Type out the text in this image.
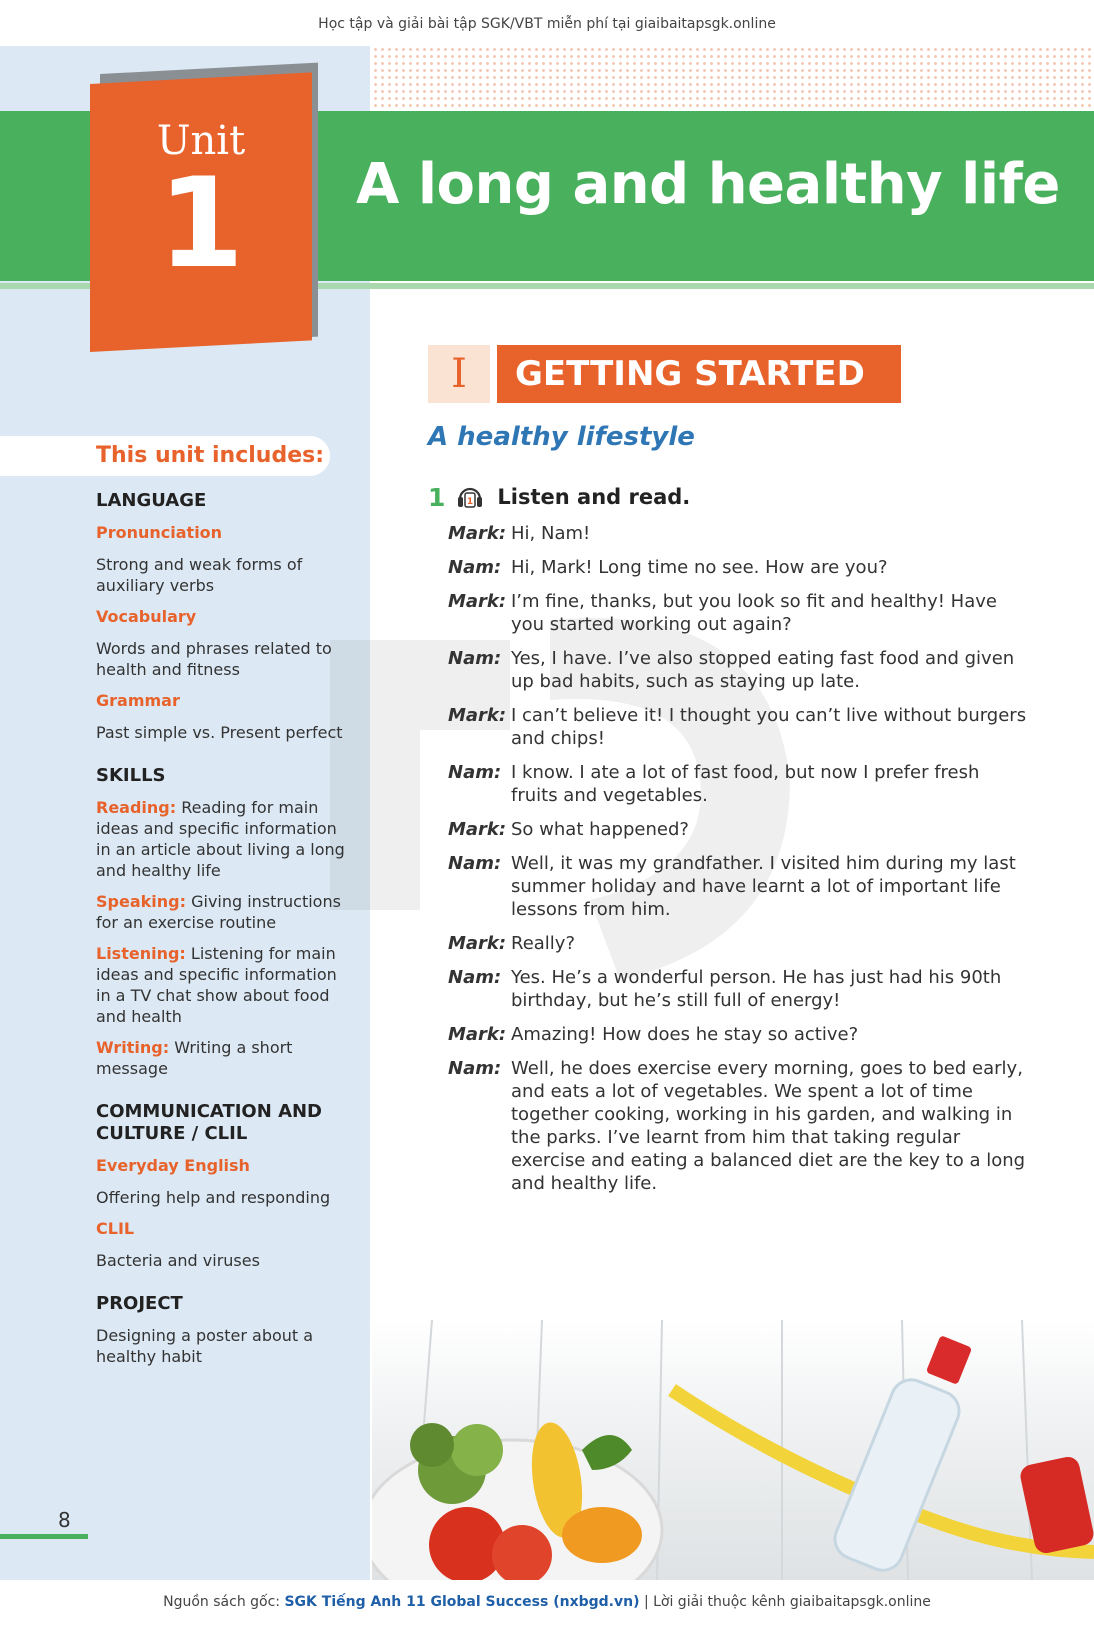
Học tập và giải bài tập SGK/VBT miễn phí tại giaibaitapsgk.online
Unit
1	A long and healthy life
I	GETTING STARTED
A healthy lifestyle
1 1 Listen and read.
Mark: Hi, Nam!
Nam: Hi, Mark! Long time no see. How are you?
Mark: I’m fine, thanks, but you look so fit and healthy! Have you started working out again?
Nam: Yes, I have. I’ve also stopped eating fast food and given up bad habits, such as staying up late.
Mark: I can’t believe it! I thought you can’t live without burgers and chips!
Nam: I know. I ate a lot of fast food, but now I prefer fresh fruits and vegetables.
Mark: So what happened?
Nam: Well, it was my grandfather. I visited him during my last summer holiday and have learnt a lot of important life lessons from him.
Mark: Really?
Nam: Yes. He’s a wonderful person. He has just had his 90th birthday, but he’s still full of energy!
Mark: Amazing! How does he stay so active?
Nam: Well, he does exercise every morning, goes to bed early, and eats a lot of vegetables. We spent a lot of time together cooking, working in his garden, and walking in the parks. I’ve learnt from him that taking regular exercise and eating a balanced diet are the key to a long and healthy life.
This unit includes:
LANGUAGE
Pronunciation
Strong and weak forms of auxiliary verbs
Vocabulary
Words and phrases related to health and fitness
Grammar
Past simple vs. Present perfect
SKILLS
Reading: Reading for main ideas and specific information in an article about living a long and healthy life
Speaking: Giving instructions for an exercise routine
Listening: Listening for main ideas and specific information in a TV chat show about food and health
Writing: Writing a short message
COMMUNICATION AND CULTURE / CLIL
Everyday English
Offering help and responding
CLIL
Bacteria and viruses
PROJECT
Designing a poster about a healthy habit
8
Nguồn sách gốc: SGK Tiếng Anh 11 Global Success (nxbgd.vn) | Lời giải thuộc kênh giaibaitapsgk.online
